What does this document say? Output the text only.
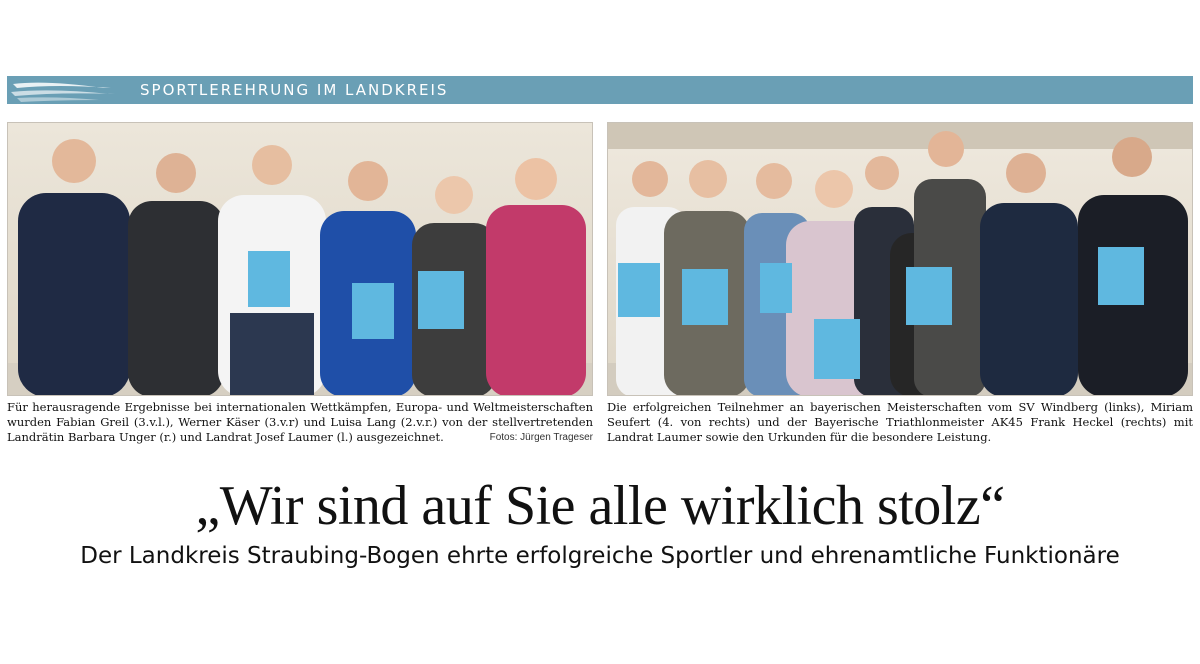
SPORTLEREHRUNG IM LANDKREIS
Für herausragende Ergebnisse bei internationalen Wettkämpfen, Europa- und Weltmeisterschaften wurden Fabian Greil (3.v.l.), Werner Käser (3.v.r) und Luisa Lang (2.v.r.) von der stellvertretenden Landrätin Barbara Unger (r.) und Landrat Josef Laumer (l.) ausgezeichnet.	Fotos: Jürgen Trageser
Die erfolgreichen Teilnehmer an bayerischen Meisterschaften vom SV Windberg (links), Miriam Seufert (4. von rechts) und der Bayerische Triathlonmeister AK45 Frank Heckel (rechts) mit Landrat Laumer sowie den Urkunden für die besondere Leistung.
„Wir sind auf Sie alle wirklich stolz“
Der Landkreis Straubing-Bogen ehrte erfolgreiche Sportler und ehrenamtliche Funktionäre
